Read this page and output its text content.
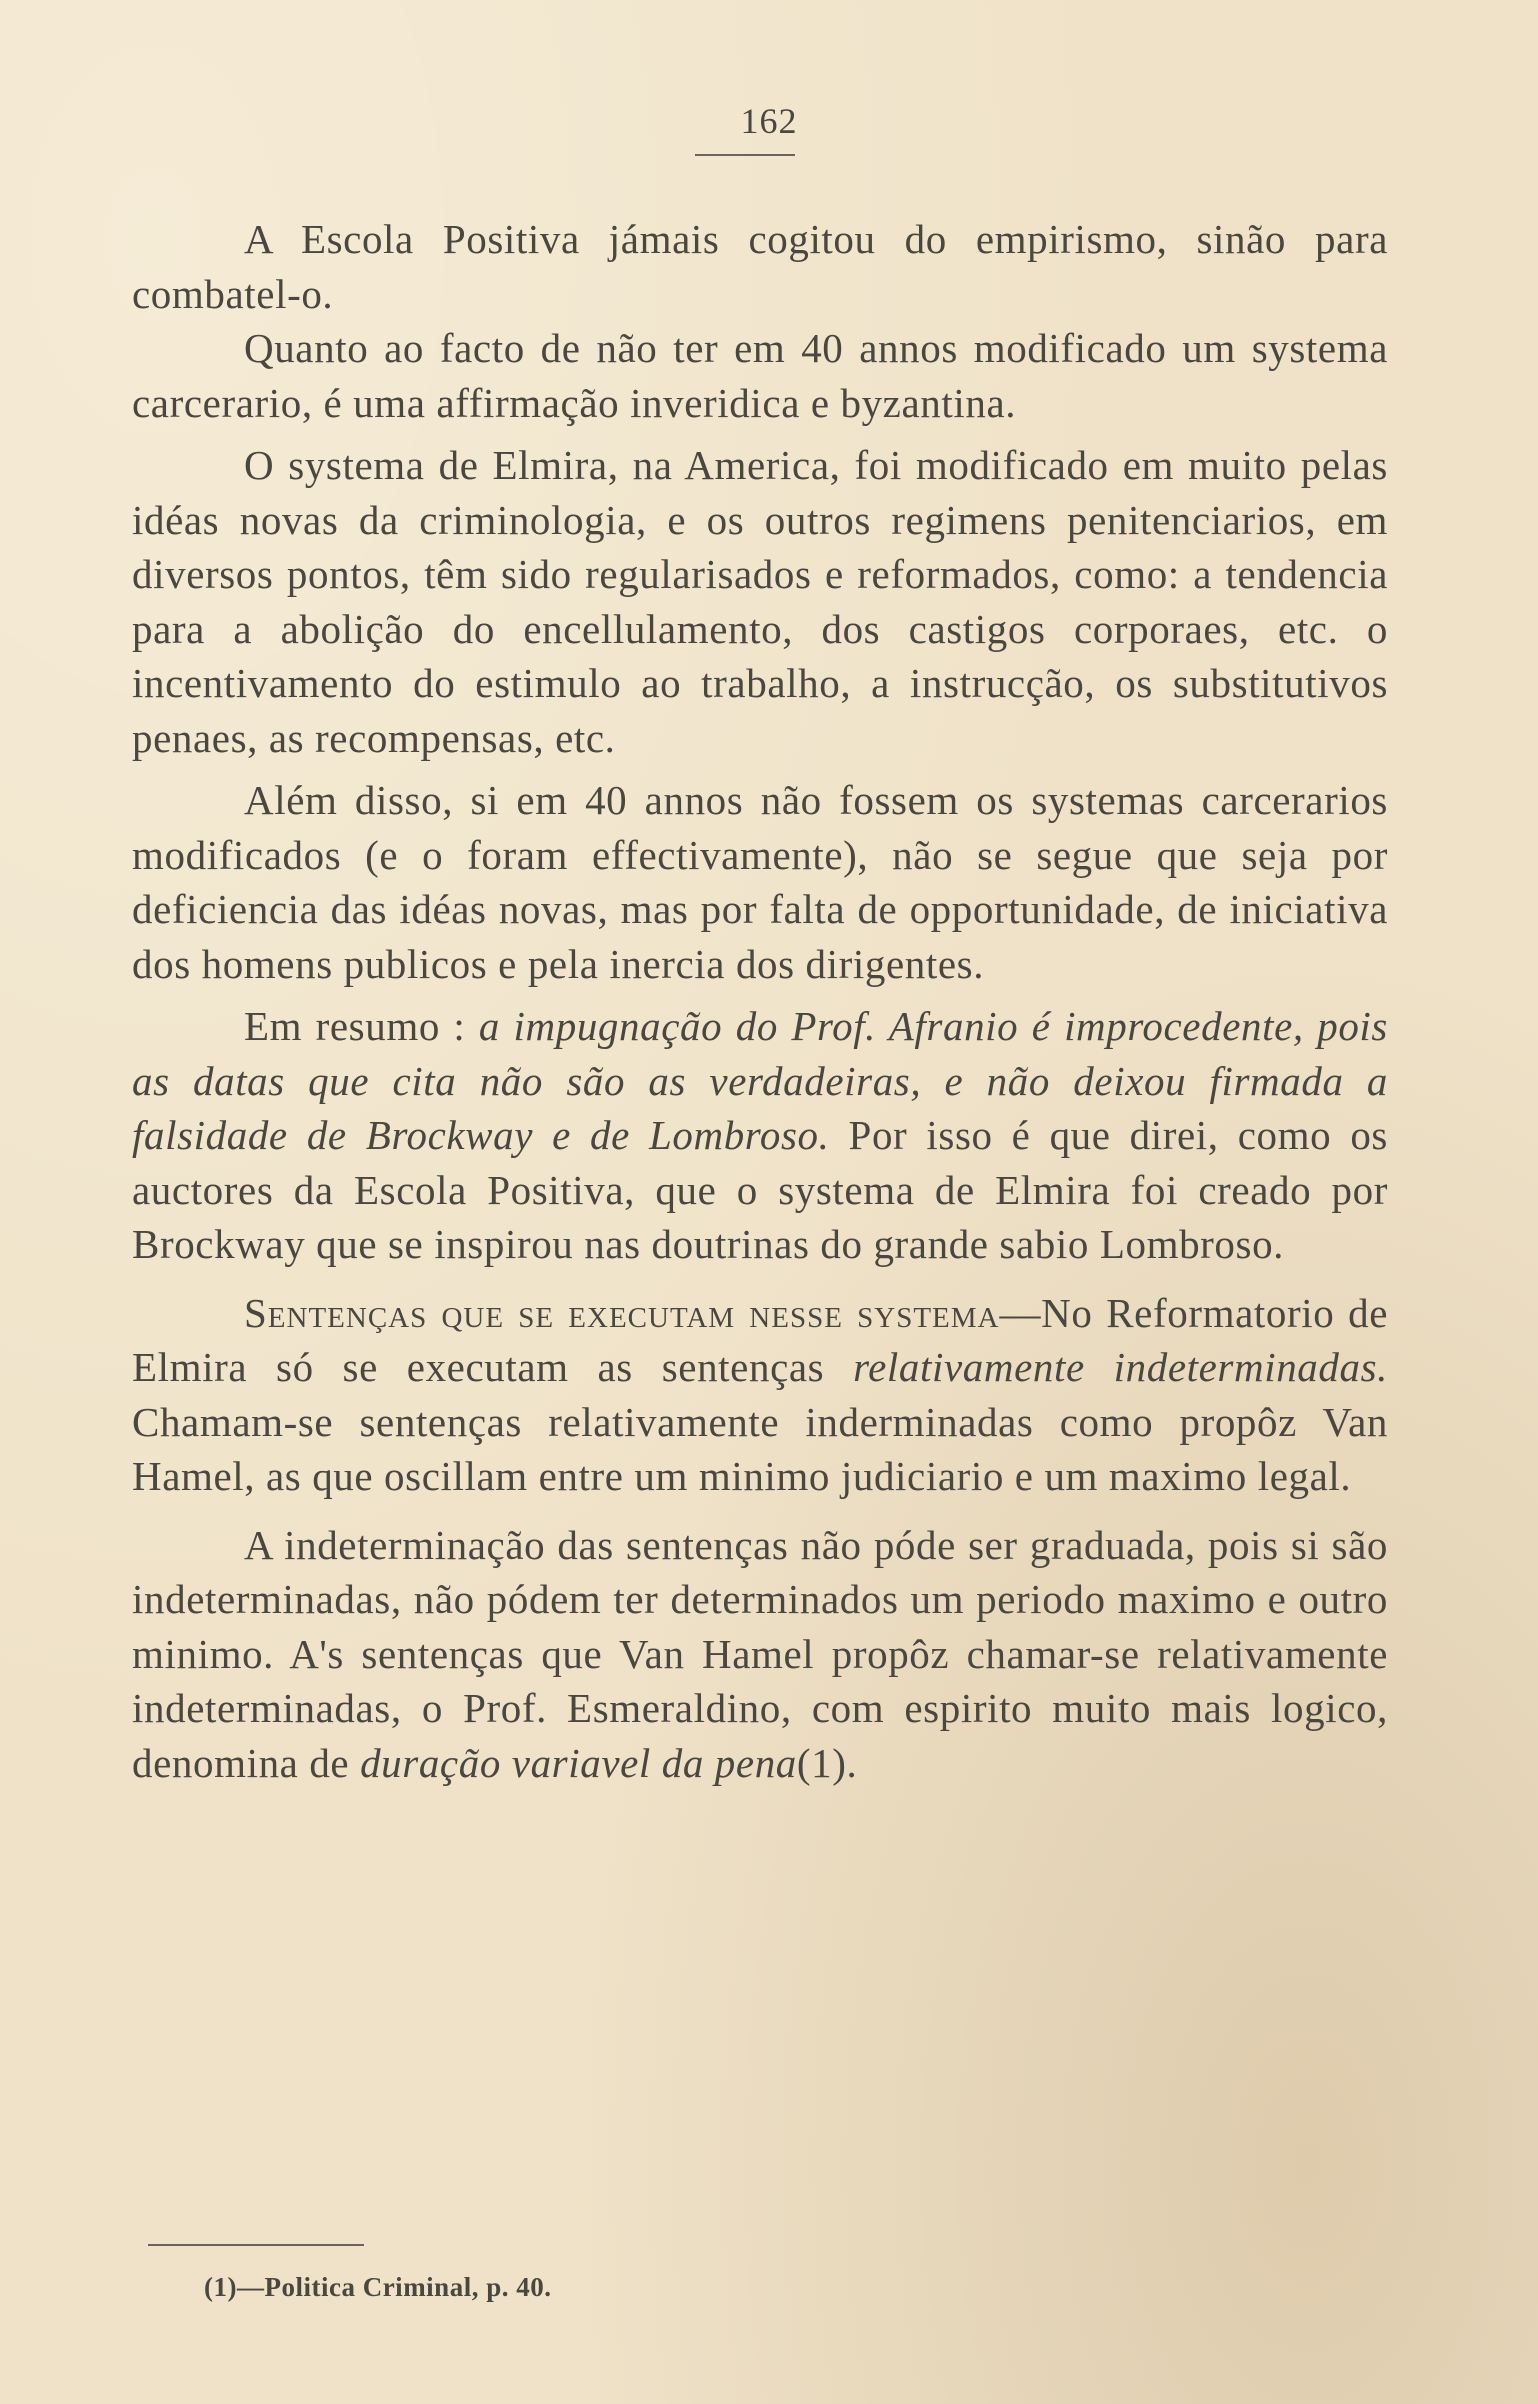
162

A Escola Positiva jámais cogitou do empirismo, sinão para combatel-o.

Quanto ao facto de não ter em 40 annos modificado um systema carcerario, é uma affirmação inveridica e byzantina.

O systema de Elmira, na America, foi modificado em muito pelas idéas novas da criminologia, e os outros regimens penitenciarios, em diversos pontos, têm sido regularisados e reformados, como: a tendencia para a abolição do encellulamento, dos castigos corporaes, etc. o incentivamento do estimulo ao trabalho, a instrucção, os substitutivos penaes, as recompensas, etc.

Além disso, si em 40 annos não fossem os systemas carcerarios modificados (e o foram effectivamente), não se segue que seja por deficiencia das idéas novas, mas por falta de opportunidade, de iniciativa dos homens publicos e pela inercia dos dirigentes.

Em resumo : a impugnação do Prof. Afranio é improcedente, pois as datas que cita não são as verdadeiras, e não deixou firmada a falsidade de Brockway e de Lombroso. Por isso é que direi, como os auctores da Escola Positiva, que o systema de Elmira foi creado por Brockway que se inspirou nas doutrinas do grande sabio Lombroso.

Sentenças que se executam nesse systema—No Reformatorio de Elmira só se executam as sentenças relativamente indeterminadas. Chamam-se sentenças relativamente inderminadas como propôz Van Hamel, as que oscillam entre um minimo judiciario e um maximo legal.

A indeterminação das sentenças não póde ser graduada, pois si são indeterminadas, não pódem ter determinados um periodo maximo e outro minimo. A's sentenças que Van Hamel propôz chamar-se relativamente indeterminadas, o Prof. Esmeraldino, com espirito muito mais logico, denomina de duração variavel da pena(1).

(1)—Politica Criminal, p. 40.
